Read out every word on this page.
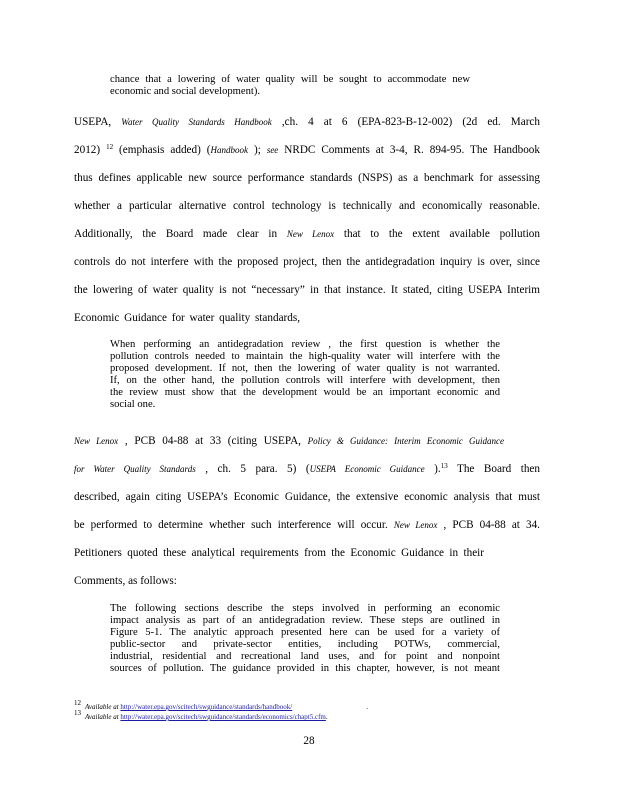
chance that a lowering of water quality will be sought to accommodate new
economic and social development).
USEPA, Water Quality Standards Handbook ,ch. 4 at 6 (EPA-823-B-12-002) (2d ed. March
2012) $^{12}$ (emphasis added) (Handbook ); see NRDC Comments at 3-4, R. 894-95. The Handbook
thus defines applicable new source performance standards (NSPS) as a benchmark for assessing
whether a particular alternative control technology is technically and economically reasonable.
Additionally, the Board made clear in New Lenox that to the extent available pollution
controls do not interfere with the proposed project, then the antidegradation inquiry is over, since
the lowering of water quality is not “necessary” in that instance. It stated, citing USEPA Interim
Economic Guidance for water quality standards,
When performing an antidegradation review , the first question is whether the
pollution controls needed to maintain the high-quality water will interfere with the
proposed development. If not, then the lowering of water quality is not warranted.
If, on the other hand, the pollution controls will interfere with development, then
the review must show that the development would be an important economic and
social one.
New Lenox , PCB 04-88 at 33 (citing USEPA, Policy & Guidance: Interim Economic Guidance
for Water Quality Standards , ch. 5 para. 5) (USEPA Economic Guidance ).$^{13}$ The Board then
described, again citing USEPA’s Economic Guidance, the extensive economic analysis that must
be performed to determine whether such interference will occur. New Lenox , PCB 04-88 at 34.
Petitioners quoted these analytical requirements from the Economic Guidance in their
Comments, as follows:
The following sections describe the steps involved in performing an economic
impact analysis as part of an antidegradation review. These steps are outlined in
Figure 5-1. The analytic approach presented here can be used for a variety of
public-sector and private-sector entities, including POTWs, commercial,
industrial, residential and recreational land uses, and for point and nonpoint
sources of pollution. The guidance provided in this chapter, however, is not meant
$^{12}$ Available at http://water.epa.gov/scitech/swguidance/standards/handbook/	.
$^{13}$ Available at http://water.epa.gov/scitech/swguidance/standards/economics/chapt5.cfm.
28
